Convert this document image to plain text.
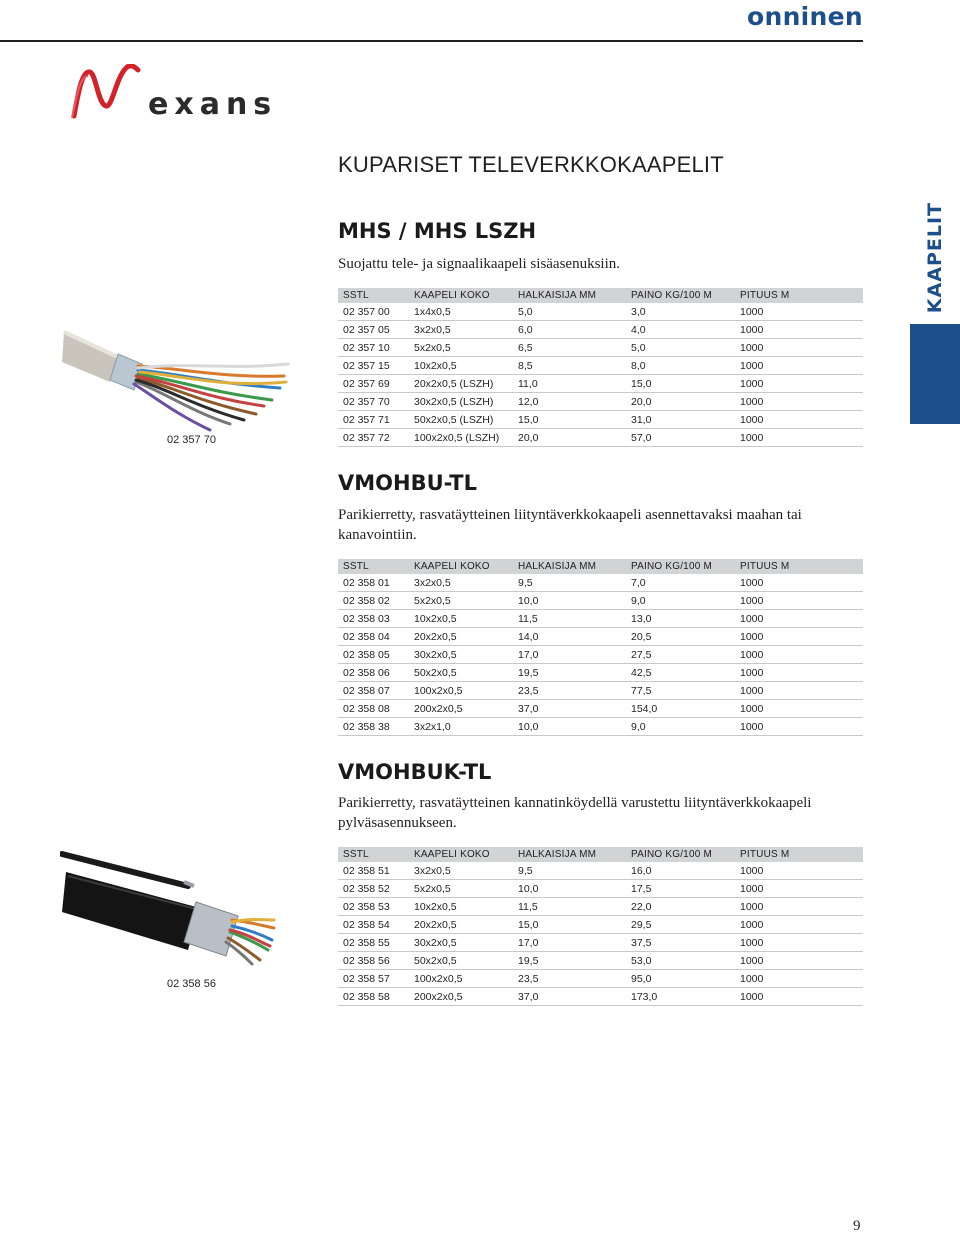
onninen
exans
KUPARISET TELEVERKKOKAAPELIT
KAAPELIT
MHS / MHS LSZH

Suojattu tele- ja signaalikaapeli sisäasenuksiin.

SSTL	KAAPELI KOKO	HALKAISIJA MM	PAINO KG/100 M	PITUUS M
02 357 00	1x4x0,5	5,0	3,0	1000
02 357 05	3x2x0,5	6,0	4,0	1000
02 357 10	5x2x0,5	6,5	5,0	1000
02 357 15	10x2x0,5	8,5	8,0	1000
02 357 69	20x2x0,5 (LSZH)	11,0	15,0	1000
02 357 70	30x2x0,5 (LSZH)	12,0	20,0	1000
02 357 71	50x2x0,5 (LSZH)	15,0	31,0	1000
02 357 72	100x2x0,5 (LSZH)	20,0	57,0	1000
02 357 70
VMOHBU-TL

Parikierretty, rasvatäytteinen liityntäverkkokaapeli asennettavaksi maahan tai kanavointiin.

SSTL	KAAPELI KOKO	HALKAISIJA MM	PAINO KG/100 M	PITUUS M
02 358 01	3x2x0,5	9,5	7,0	1000
02 358 02	5x2x0,5	10,0	9,0	1000
02 358 03	10x2x0,5	11,5	13,0	1000
02 358 04	20x2x0,5	14,0	20,5	1000
02 358 05	30x2x0,5	17,0	27,5	1000
02 358 06	50x2x0,5	19,5	42,5	1000
02 358 07	100x2x0,5	23,5	77,5	1000
02 358 08	200x2x0,5	37,0	154,0	1000
02 358 38	3x2x1,0	10,0	9,0	1000
VMOHBUK-TL

Parikierretty, rasvatäytteinen kannatinköydellä varustettu liityntäverkkokaapeli pylväsasennukseen.

SSTL	KAAPELI KOKO	HALKAISIJA MM	PAINO KG/100 M	PITUUS M
02 358 51	3x2x0,5	9,5	16,0	1000
02 358 52	5x2x0,5	10,0	17,5	1000
02 358 53	10x2x0,5	11,5	22,0	1000
02 358 54	20x2x0,5	15,0	29,5	1000
02 358 55	30x2x0,5	17,0	37,5	1000
02 358 56	50x2x0,5	19,5	53,0	1000
02 358 57	100x2x0,5	23,5	95,0	1000
02 358 58	200x2x0,5	37,0	173,0	1000
02 358 56
9
